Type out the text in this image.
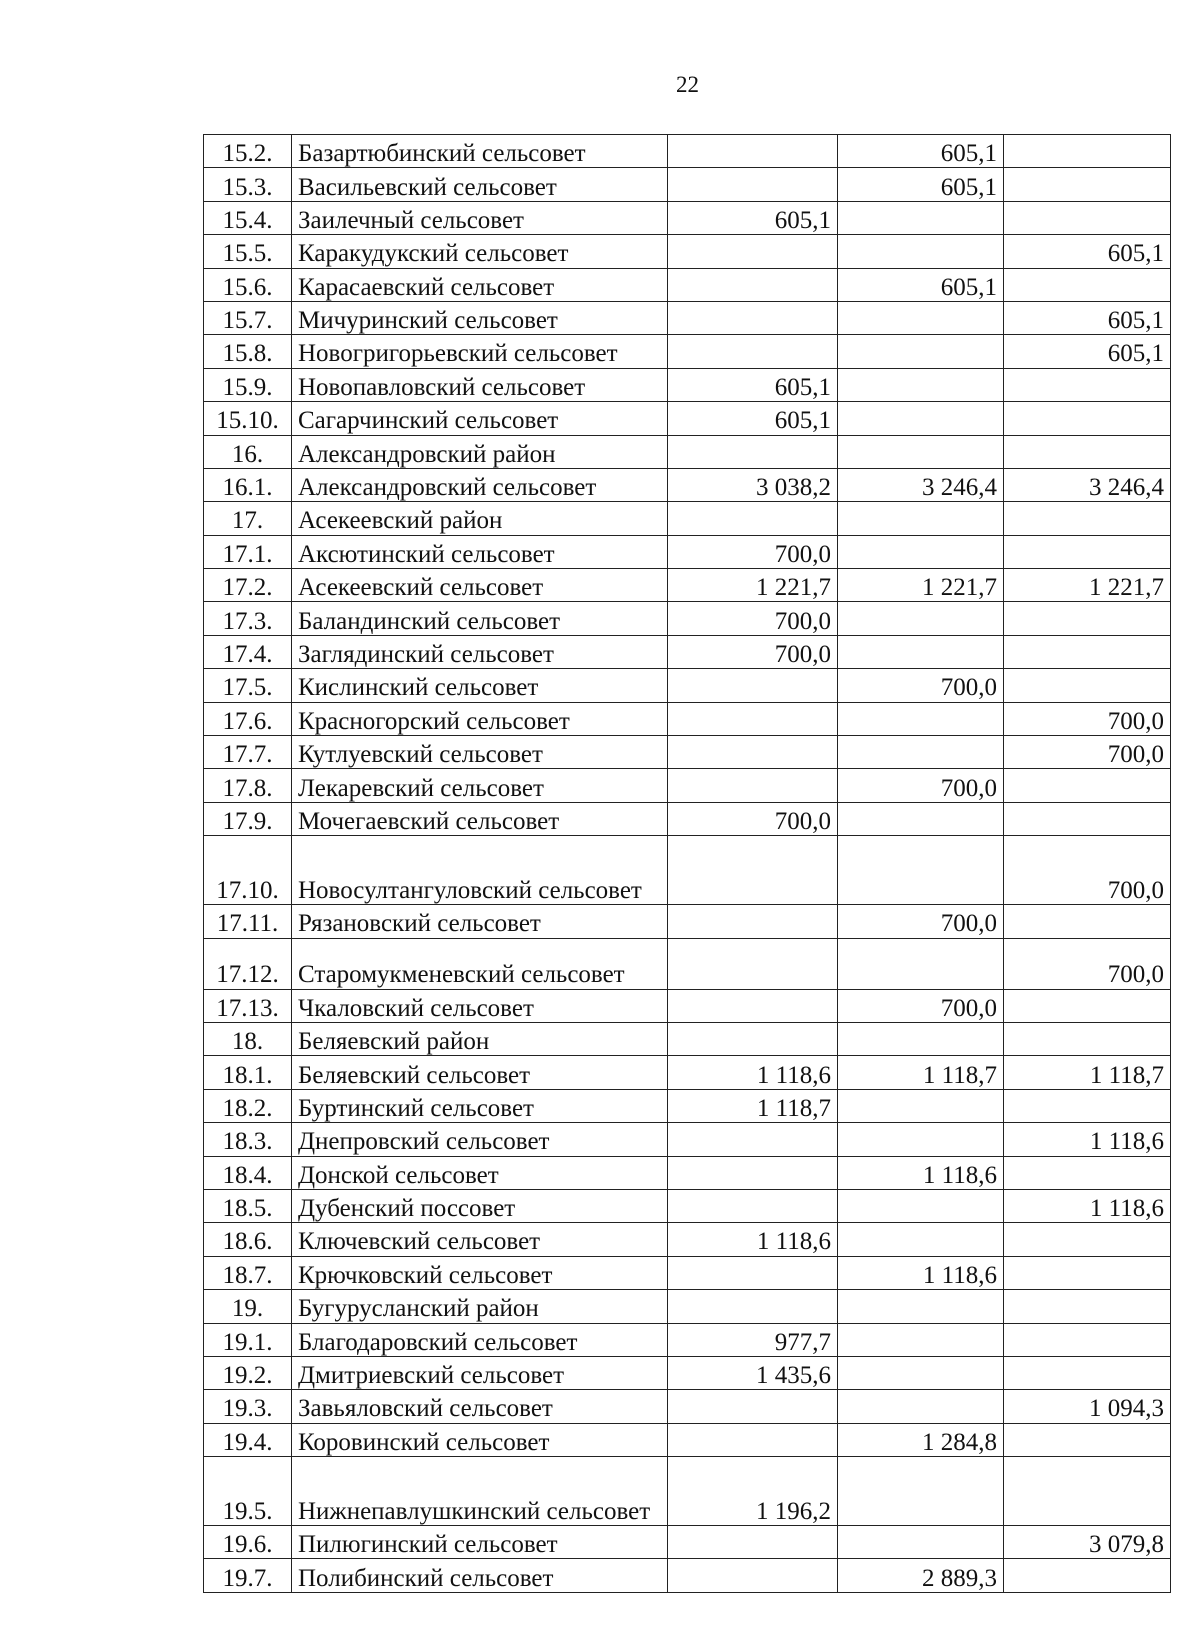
22
15.2.	Базартюбинский сельсовет		605,1	
15.3.	Васильевский сельсовет		605,1	
15.4.	Заилечный сельсовет	605,1		
15.5.	Каракудукский сельсовет			605,1
15.6.	Карасаевский сельсовет		605,1	
15.7.	Мичуринский сельсовет			605,1
15.8.	Новогригорьевский сельсовет			605,1
15.9.	Новопавловский сельсовет	605,1		
15.10.	Сагарчинский сельсовет	605,1		
16.	Александровский район			
16.1.	Александровский сельсовет	3 038,2	3 246,4	3 246,4
17.	Асекеевский район			
17.1.	Аксютинский сельсовет	700,0		
17.2.	Асекеевский сельсовет	1 221,7	1 221,7	1 221,7
17.3.	Баландинский сельсовет	700,0		
17.4.	Заглядинский сельсовет	700,0		
17.5.	Кислинский сельсовет		700,0	
17.6.	Красногорский сельсовет			700,0
17.7.	Кутлуевский сельсовет			700,0
17.8.	Лекаревский сельсовет		700,0	
17.9.	Мочегаевский сельсовет	700,0		
17.10.	Новосултангуловский сельсовет			700,0
17.11.	Рязановский сельсовет		700,0	
17.12.	Старомукменевский сельсовет			700,0
17.13.	Чкаловский сельсовет		700,0	
18.	Беляевский район			
18.1.	Беляевский сельсовет	1 118,6	1 118,7	1 118,7
18.2.	Буртинский сельсовет	1 118,7		
18.3.	Днепровский сельсовет			1 118,6
18.4.	Донской сельсовет		1 118,6	
18.5.	Дубенский поссовет			1 118,6
18.6.	Ключевский сельсовет	1 118,6		
18.7.	Крючковский сельсовет		1 118,6	
19.	Бугурусланский район			
19.1.	Благодаровский сельсовет	977,7		
19.2.	Дмитриевский сельсовет	1 435,6		
19.3.	Завьяловский сельсовет			1 094,3
19.4.	Коровинский сельсовет		1 284,8	
19.5.	Нижнепавлушкинский сельсовет	1 196,2		
19.6.	Пилюгинский сельсовет			3 079,8
19.7.	Полибинский сельсовет		2 889,3	
